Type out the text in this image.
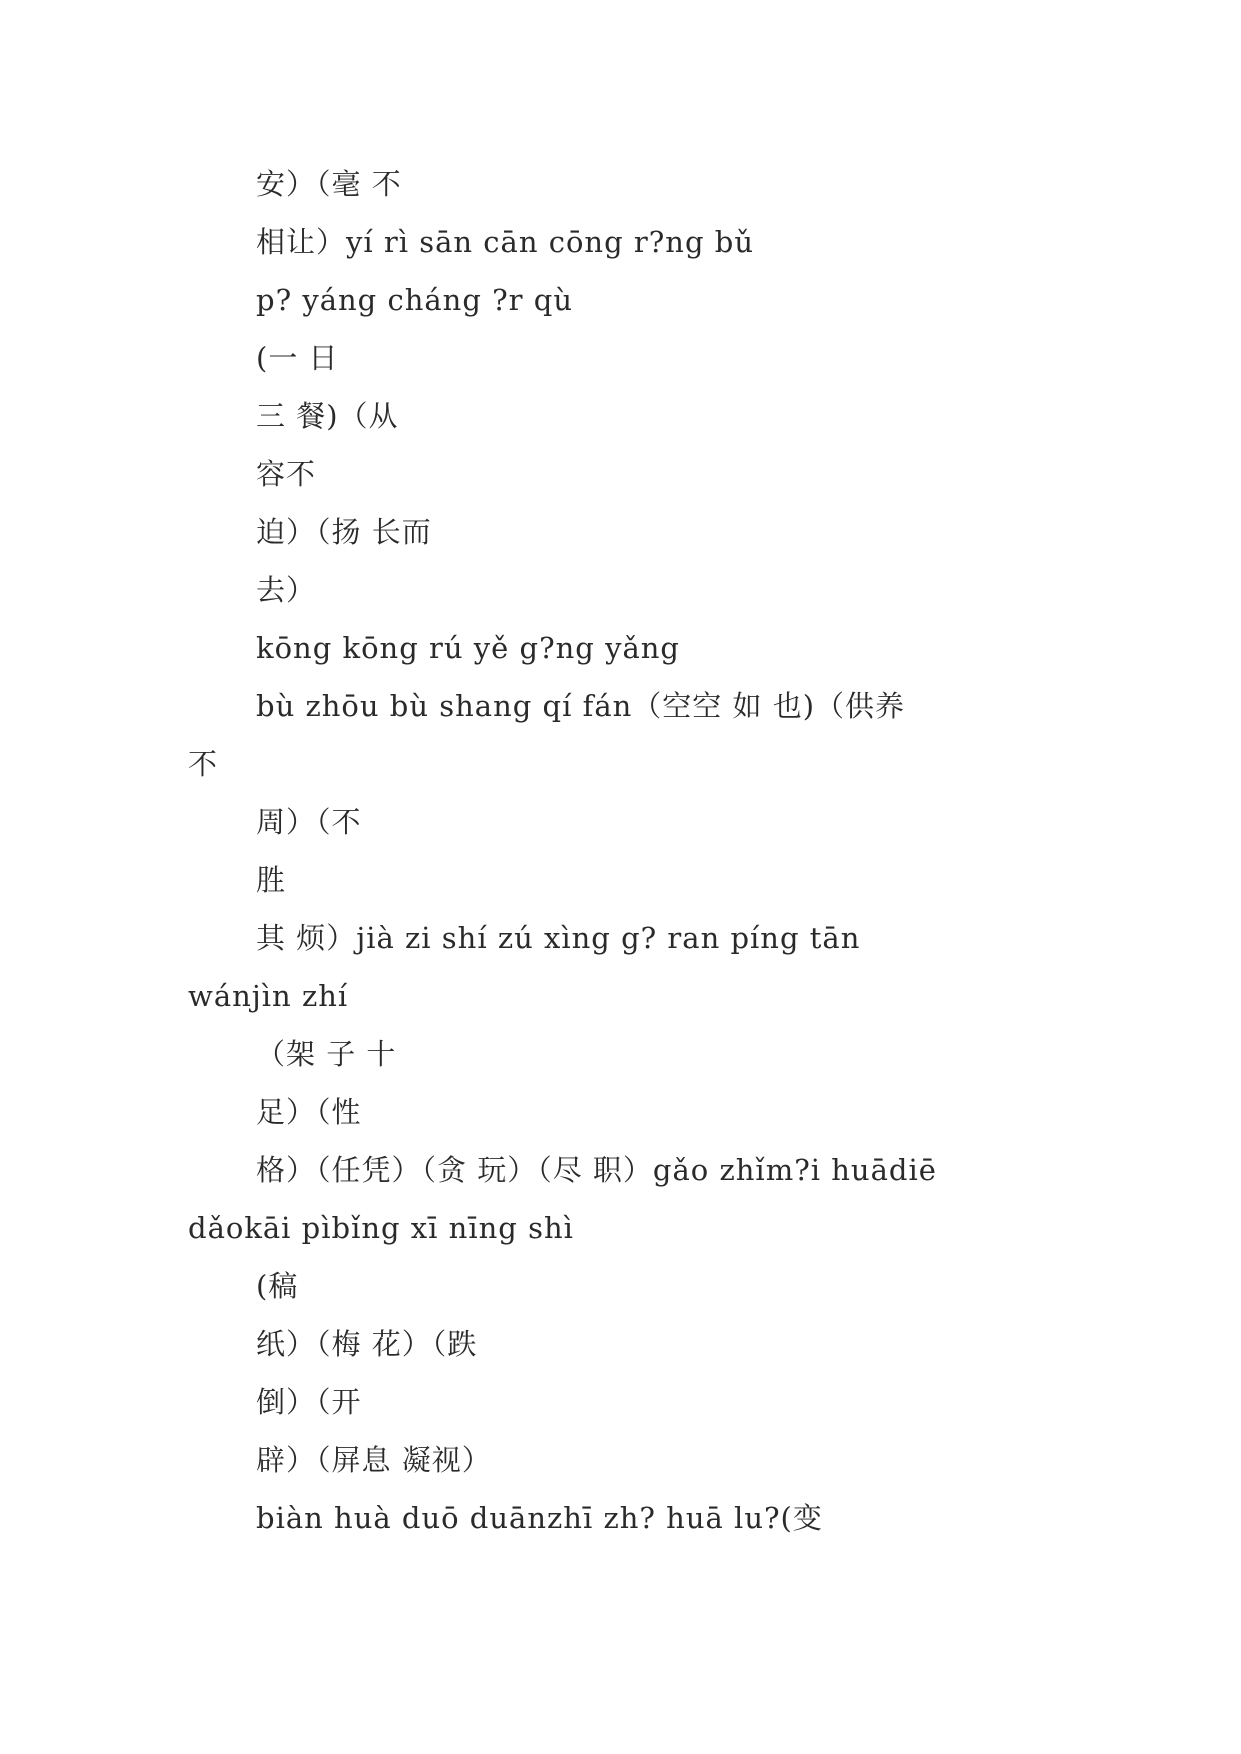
安）（毫 不
相让）yí rì sān cān cōng r?ng bǔ
p? yáng cháng ?r qù
(一 日
三 餐)（从
容不
迫）（扬 长而
去）
kōng kōng rú yě g?ng yǎng
bù zhōu bù shang qí fán（空空 如 也)（供养
不
周）（不
胜
其 烦）jià zi shí zú xìng g? ran píng tān
wánjìn zhí
（架 子 十
足）（性
格）（任凭）（贪 玩）（尽 职）gǎo zhǐm?i huādiē
dǎokāi pìbǐng xī nīng shì
(稿
纸）（梅 花）（跌
倒）（开
辟）（屏息 凝视）
biàn huà duō duānzhī zh? huā lu?(变
